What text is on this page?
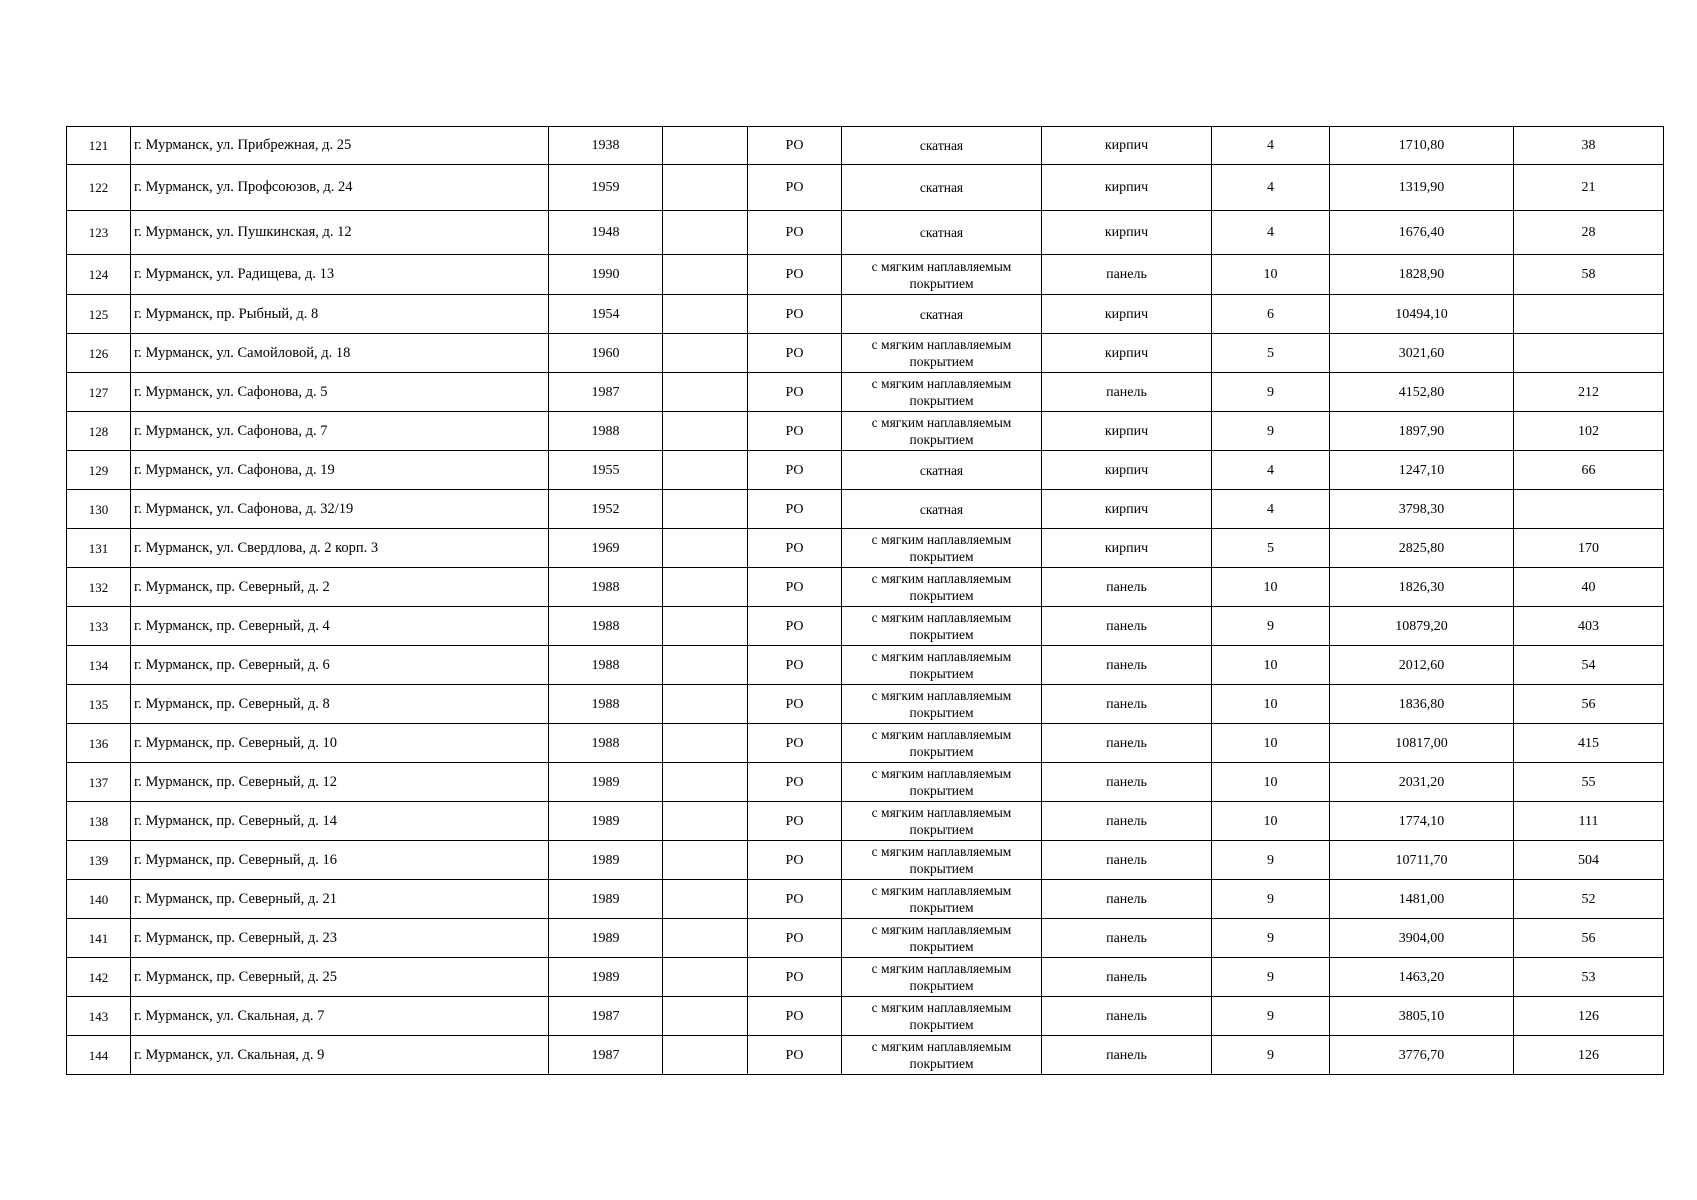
121	г. Мурманск, ул. Прибрежная, д. 25	1938		РО	скатная	кирпич	4	1710,80	38
122	г. Мурманск, ул. Профсоюзов, д. 24	1959		РО	скатная	кирпич	4	1319,90	21
123	г. Мурманск, ул. Пушкинская, д. 12	1948		РО	скатная	кирпич	4	1676,40	28
124	г. Мурманск, ул. Радищева, д. 13	1990		РО	с мягким наплавляемым покрытием	панель	10	1828,90	58
125	г. Мурманск, пр. Рыбный, д. 8	1954		РО	скатная	кирпич	6	10494,10	
126	г. Мурманск, ул. Самойловой, д. 18	1960		РО	с мягким наплавляемым покрытием	кирпич	5	3021,60	
127	г. Мурманск, ул. Сафонова, д. 5	1987		РО	с мягким наплавляемым покрытием	панель	9	4152,80	212
128	г. Мурманск, ул. Сафонова, д. 7	1988		РО	с мягким наплавляемым покрытием	кирпич	9	1897,90	102
129	г. Мурманск, ул. Сафонова, д. 19	1955		РО	скатная	кирпич	4	1247,10	66
130	г. Мурманск, ул. Сафонова, д. 32/19	1952		РО	скатная	кирпич	4	3798,30	
131	г. Мурманск, ул. Свердлова, д. 2 корп. 3	1969		РО	с мягким наплавляемым покрытием	кирпич	5	2825,80	170
132	г. Мурманск, пр. Северный, д. 2	1988		РО	с мягким наплавляемым покрытием	панель	10	1826,30	40
133	г. Мурманск, пр. Северный, д. 4	1988		РО	с мягким наплавляемым покрытием	панель	9	10879,20	403
134	г. Мурманск, пр. Северный, д. 6	1988		РО	с мягким наплавляемым покрытием	панель	10	2012,60	54
135	г. Мурманск, пр. Северный, д. 8	1988		РО	с мягким наплавляемым покрытием	панель	10	1836,80	56
136	г. Мурманск, пр. Северный, д. 10	1988		РО	с мягким наплавляемым покрытием	панель	10	10817,00	415
137	г. Мурманск, пр. Северный, д. 12	1989		РО	с мягким наплавляемым покрытием	панель	10	2031,20	55
138	г. Мурманск, пр. Северный, д. 14	1989		РО	с мягким наплавляемым покрытием	панель	10	1774,10	111
139	г. Мурманск, пр. Северный, д. 16	1989		РО	с мягким наплавляемым покрытием	панель	9	10711,70	504
140	г. Мурманск, пр. Северный, д. 21	1989		РО	с мягким наплавляемым покрытием	панель	9	1481,00	52
141	г. Мурманск, пр. Северный, д. 23	1989		РО	с мягким наплавляемым покрытием	панель	9	3904,00	56
142	г. Мурманск, пр. Северный, д. 25	1989		РО	с мягким наплавляемым покрытием	панель	9	1463,20	53
143	г. Мурманск, ул. Скальная, д. 7	1987		РО	с мягким наплавляемым покрытием	панель	9	3805,10	126
144	г. Мурманск, ул. Скальная, д. 9	1987		РО	с мягким наплавляемым покрытием	панель	9	3776,70	126
